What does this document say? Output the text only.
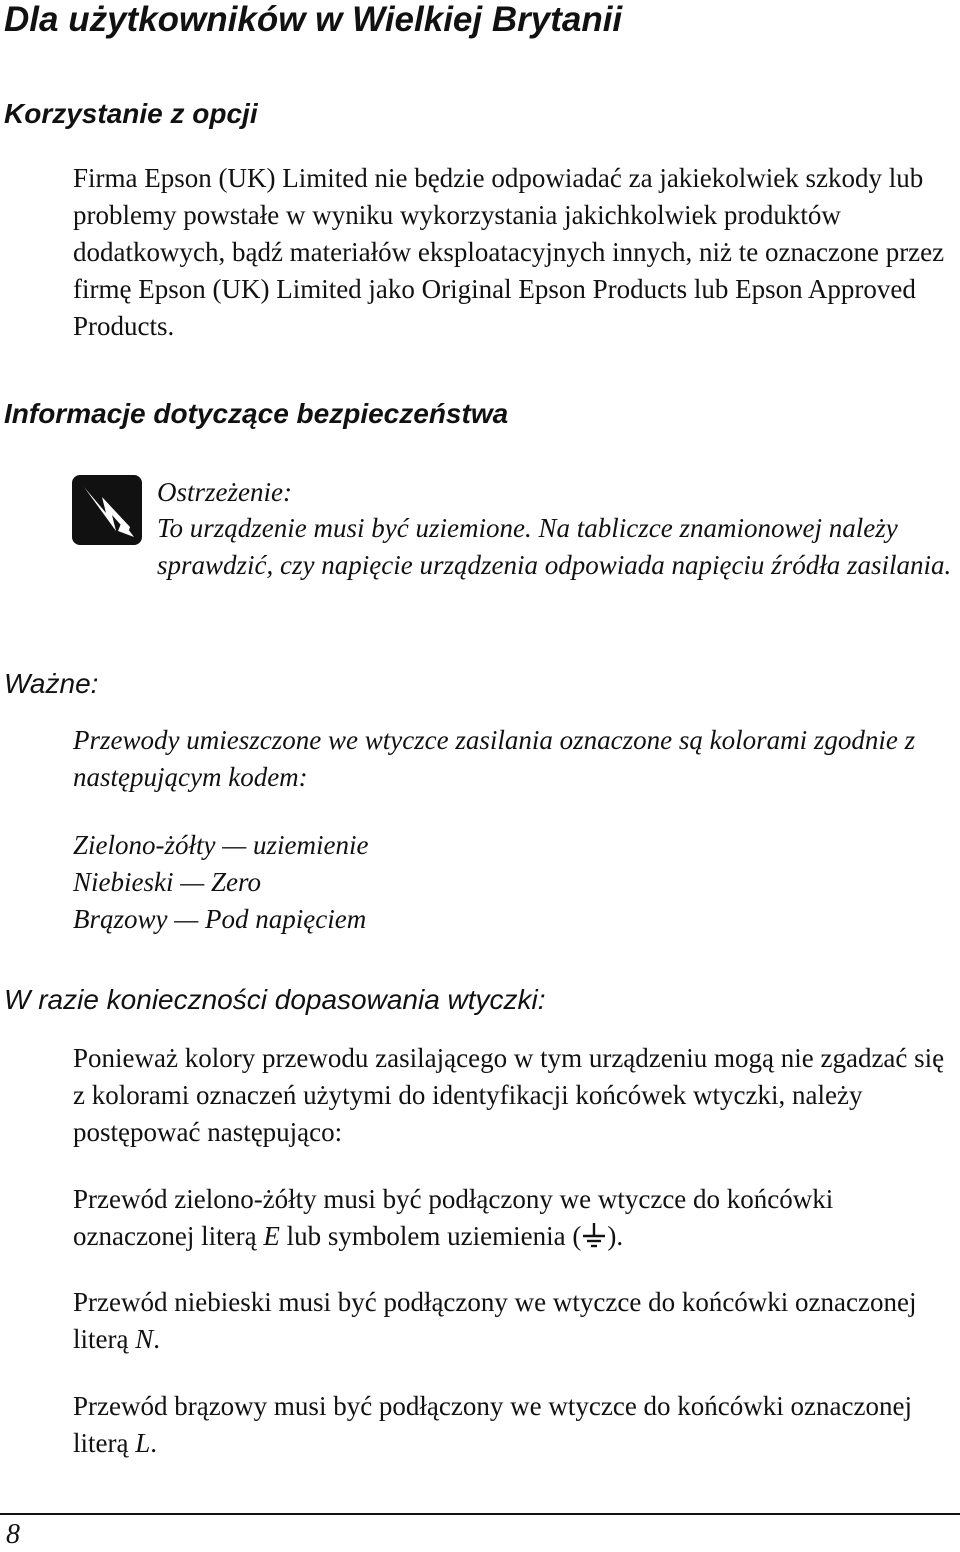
Dla użytkowników w Wielkiej Brytanii
Korzystanie z opcji

Firma Epson (UK) Limited nie będzie odpowiadać za jakiekolwiek szkody lub problemy powstałe w wyniku wykorzystania jakichkolwiek produktów dodatkowych, bądź materiałów eksploatacyjnych innych, niż te oznaczone przez firmę Epson (UK) Limited jako Original Epson Products lub Epson Approved Products.

Informacje dotyczące bezpieczeństwa
Ostrzeżenie:

To urządzenie musi być uziemione. Na tabliczce znamionowej należy sprawdzić, czy napięcie urządzenia odpowiada napięciu źródła zasilania.

Ważne:

Przewody umieszczone we wtyczce zasilania oznaczone są kolorami zgodnie z następującym kodem:

Zielono-żółty — uziemienie
Niebieski — Zero
Brązowy — Pod napięciem
W razie konieczności dopasowania wtyczki:

Ponieważ kolory przewodu zasilającego w tym urządzeniu mogą nie zgadzać się z kolorami oznaczeń użytymi do identyfikacji końcówek wtyczki, należy postępować następująco:

Przewód zielono-żółty musi być podłączony we wtyczce do końcówki oznaczonej literą E lub symbolem uziemienia ( ).

Przewód niebieski musi być podłączony we wtyczce do końcówki oznaczonej literą N.

Przewód brązowy musi być podłączony we wtyczce do końcówki oznaczonej literą L.

8
